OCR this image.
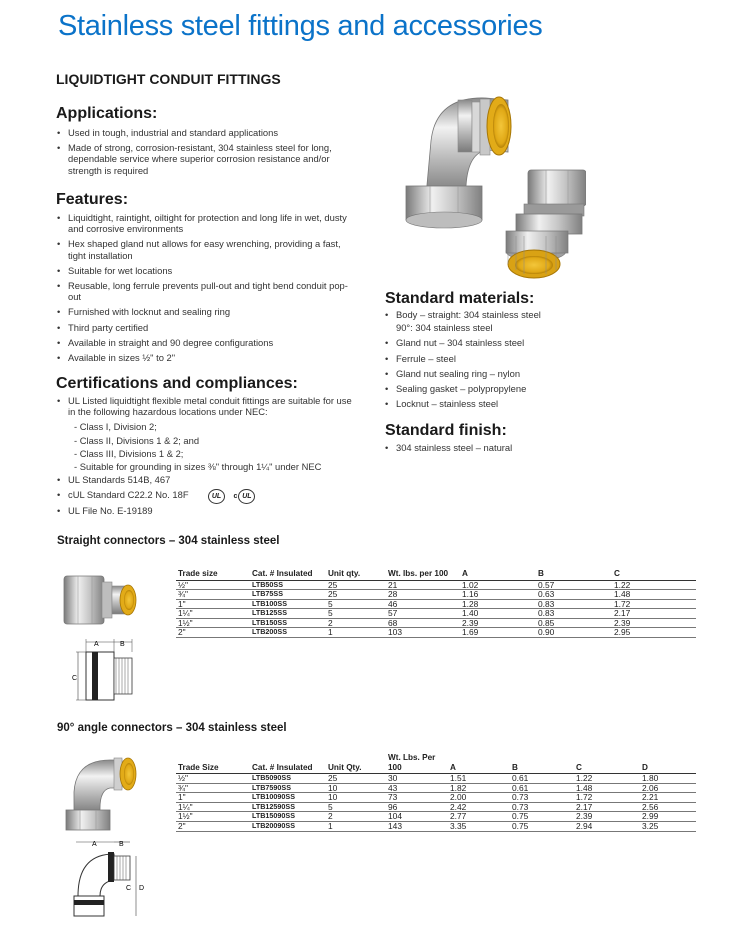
Stainless steel fittings and accessories
LIQUIDTIGHT CONDUIT FITTINGS
Applications:
• Used in tough, industrial and standard applications
• Made of strong, corrosion-resistant, 304 stainless steel for long, dependable service where superior corrosion resistance and/or strength is required
Features:
• Liquidtight, raintight, oiltight for protection and long life in wet, dusty and corrosive environments
• Hex shaped gland nut allows for easy wrenching, providing a fast, tight installation
• Suitable for wet locations
• Reusable, long ferrule prevents pull-out and tight bend conduit pop-out
• Furnished with locknut and sealing ring
• Third party certified
• Available in straight and 90 degree configurations
• Available in sizes ½" to 2"
Certifications and compliances:
• UL Listed liquidtight flexible metal conduit fittings are suitable for use in the following hazardous locations under NEC:
- Class I, Division 2;
- Class II, Divisions 1 & 2; and
- Class III, Divisions 1 & 2;
- Suitable for grounding in sizes ⅜" through 1¼" under NEC
• UL Standards 514B, 467
• cUL Standard C22.2 No. 18F
• UL File No. E-19189
UL c UL
Standard materials:
• Body – straight: 304 stainless steel
90°: 304 stainless steel
• Gland nut – 304 stainless steel
• Ferrule – steel
• Gland nut sealing ring – nylon
• Sealing gasket – polypropylene
• Locknut – stainless steel
Standard finish:
• 304 stainless steel – natural
Straight connectors – 304 stainless steel
A	B
C
Trade size	Cat. # Insulated	Unit qty.	Wt. lbs. per 100	A	B	C
½"	LTB50SS	25	21	1.02	0.57	1.22
¾"	LTB75SS	25	28	1.16	0.63	1.48
1"	LTB100SS	5	46	1.28	0.83	1.72
1¼"	LTB125SS	5	57	1.40	0.83	2.17
1½"	LTB150SS	2	68	2.39	0.85	2.39
2"	LTB200SS	1	103	1.69	0.90	2.95
90° angle connectors – 304 stainless steel
A	B
C D
Trade Size	Cat. # Insulated	Unit Qty.	Wt. Lbs. Per 100	A	B	C	D
½"	LTB5090SS	25	30	1.51	0.61	1.22	1.80
¾"	LTB7590SS	10	43	1.82	0.61	1.48	2.06
1"	LTB10090SS	10	73	2.00	0.73	1.72	2.21
1¼"	LTB12590SS	5	96	2.42	0.73	2.17	2.56
1½"	LTB15090SS	2	104	2.77	0.75	2.39	2.99
2"	LTB20090SS	1	143	3.35	0.75	2.94	3.25
